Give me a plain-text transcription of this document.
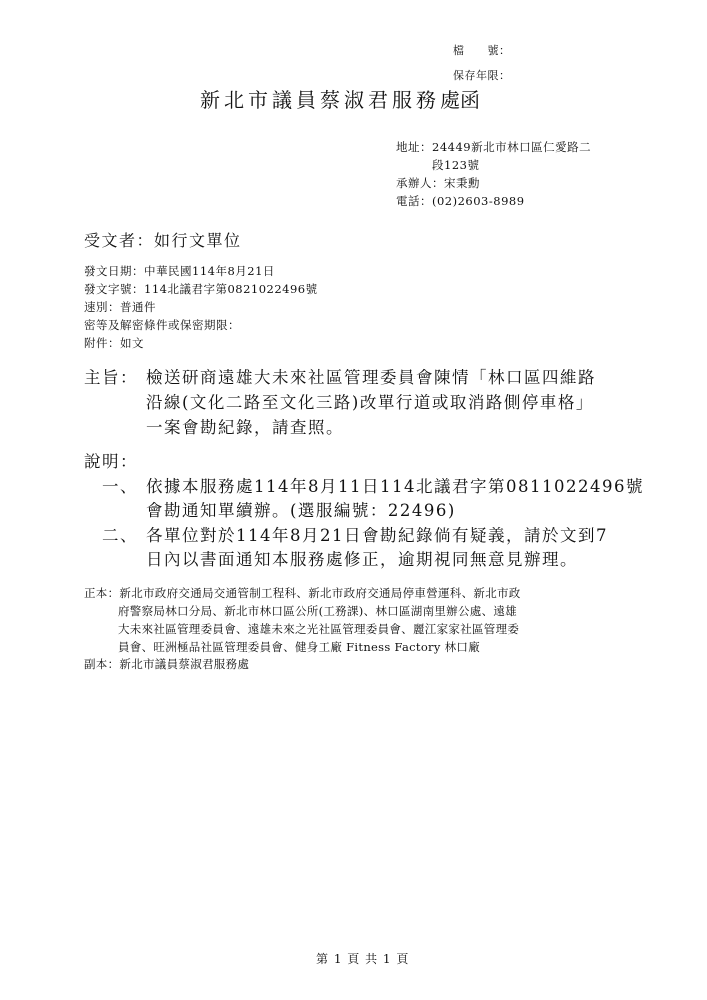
檔　　號：
保存年限：
新北市議員蔡淑君服務處
函
地址：24449新北市林口區仁愛路二
段123號
承辦人：宋秉勳
電話：(02)2603-8989
受文者：如行文單位
發文日期：中華民國114年8月21日
發文字號：114北議君字第0821022496號
速別：普通件
密等及解密條件或保密期限：
附件：如文
主旨： 檢送研商遠雄大未來社區管理委員會陳情「林口區四維路
沿線(文化二路至文化三路)改單行道或取消路側停車格」
一案會勘紀錄，請查照。
說明：
一、 依據本服務處114年8月11日114北議君字第0811022496號
會勘通知單續辦。(選服編號：22496)
二、 各單位對於114年8月21日會勘紀錄倘有疑義，請於文到7
日內以書面通知本服務處修正，逾期視同無意見辦理。
正本：新北市政府交通局交通管制工程科、新北市政府交通局停車營運科、新北市政
府警察局林口分局、新北市林口區公所(工務課)、林口區湖南里辦公處、遠雄
大未來社區管理委員會、遠雄未來之光社區管理委員會、麗江家家社區管理委
員會、旺洲極品社區管理委員會、健身工廠 Fitness Factory 林口廠
副本：新北市議員蔡淑君服務處
第 1 頁 共 1 頁
